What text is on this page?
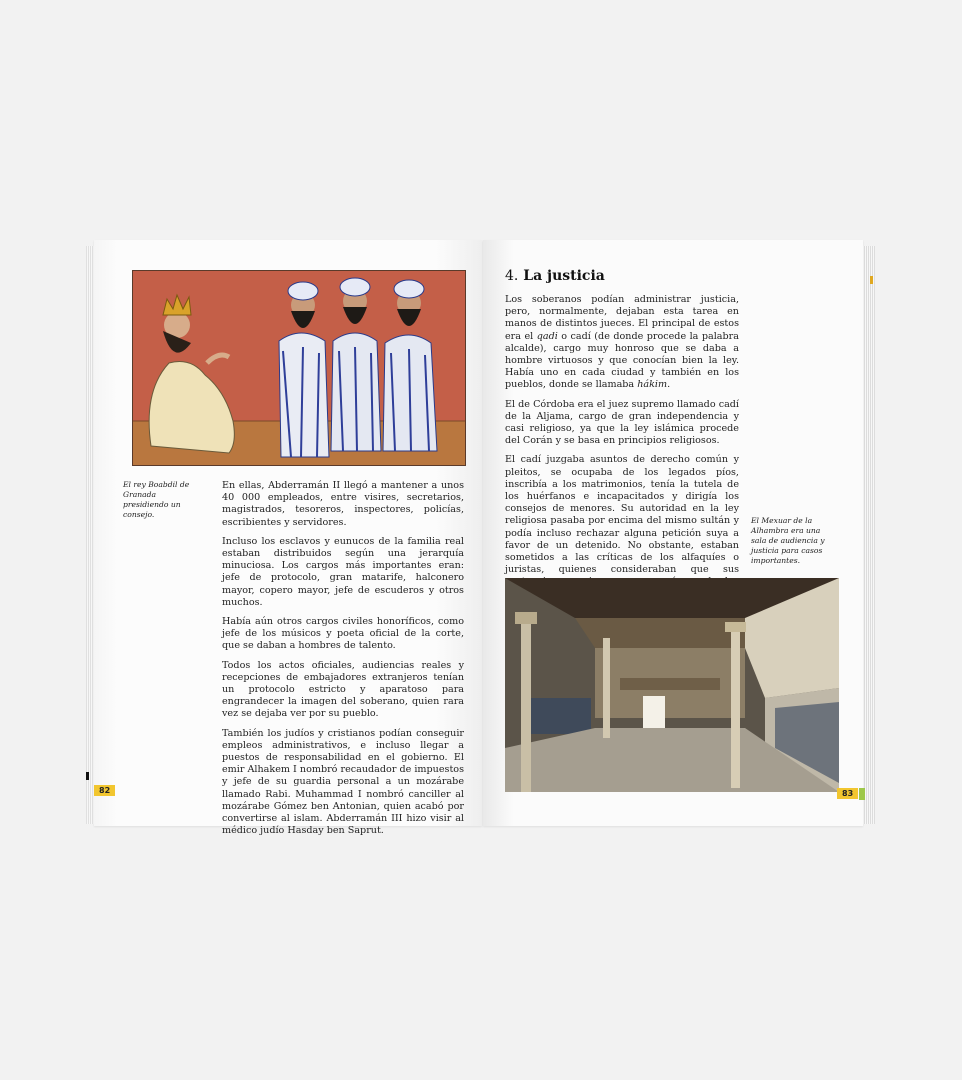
El rey Boabdil de Granada presidiendo un consejo.

En ellas, Abderramán II llegó a mantener a unos 40 000 empleados, entre visires, secretarios, magistrados, tesoreros, inspectores, policías, escribientes y servidores.

Incluso los esclavos y eunucos de la familia real estaban distribuidos según una jerarquía minuciosa. Los cargos más importantes eran: jefe de protocolo, gran matarife, halconero mayor, copero mayor, jefe de escuderos y otros muchos.

Había aún otros cargos civiles honoríficos, como jefe de los músicos y poeta oficial de la corte, que se daban a hombres de talento.

Todos los actos oficiales, audiencias reales y recepciones de embajadores extranjeros tenían un protocolo estricto y aparatoso para engrandecer la imagen del soberano, quien rara vez se dejaba ver por su pueblo.

También los judíos y cristianos podían conseguir empleos administrativos, e incluso llegar a puestos de responsabilidad en el gobierno. El emir Alhakem I nombró recaudador de impuestos y jefe de su guardia personal a un mozárabe llamado Rabi. Muhammad I nombró canciller al mozárabe Gómez ben Antonian, quien acabó por convertirse al islam. Abderramán III hizo visir al médico judío Hasday ben Saprut.

82
4. La justicia

Los soberanos podían administrar justicia, pero, normalmente, dejaban esta tarea en manos de distintos jueces. El principal de estos era el qadi o cadí (de donde procede la palabra alcalde), cargo muy honroso que se daba a hombre virtuosos y que conocían bien la ley. Había uno en cada ciudad y también en los pueblos, donde se llamaba hákim.

El de Córdoba era el juez supremo llamado cadí de la Aljama, cargo de gran independencia y casi religioso, ya que la ley islámica procede del Corán y se basa en principios religiosos.

El cadí juzgaba asuntos de derecho común y pleitos, se ocupaba de los legados píos, inscribía a los matrimonios, tenía la tutela de los huérfanos e incapacitados y dirigía los consejos de menores. Su autoridad en la ley religiosa pasaba por encima del mismo sultán y podía incluso rechazar alguna petición suya a favor de un detenido. No obstante, estaban sometidos a las críticas de los alfaquíes o juristas, quienes consideraban que sus

El Mexuar de la Alhambra era una sala de audiencia y justicia para casos importantes.
83
